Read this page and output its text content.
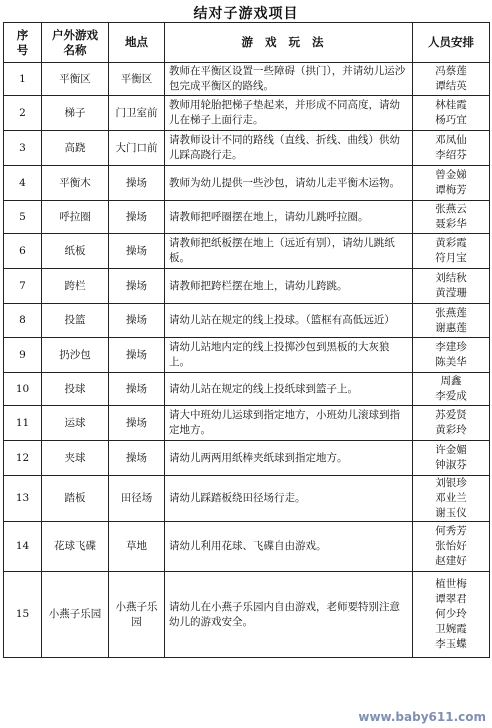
结对子游戏项目
序
号	户外游戏
名称	地点	游戏玩法	人员安排
1	平衡区	平衡区	教师在平衡区设置一些障碍（拱门），并请幼儿运沙包完成平衡区的路线。	冯蔡莲
谭结英

2	梯子	门卫室前	教师用轮胎把梯子垫起来，并形成不同高度，请幼儿在梯子上面行走。	林桂霞
杨巧宜

3	高跷	大门口前	请教师设计不同的路线（直线、折线、曲线）供幼儿踩高跷行走。	邓凤仙
李绍芬

4	平衡木	操场	教师为幼儿提供一些沙包，请幼儿走平衡木运物。	曾金娣
谭梅芳

5	呼拉圈	操场	请教师把呼圈摆在地上，请幼儿跳呼拉圈。	张燕云
聂彩华

6	纸板	操场	请教师把纸板摆在地上（远近有别），请幼儿跳纸板。	黄彩霞
符月宝

7	跨栏	操场	请教师把跨栏摆在地上，请幼儿跨跳。	刘结秋
黄滢珊

8	投篮	操场	请幼儿站在规定的线上投球。（篮框有高低远近）	张燕莲
谢惠莲

9	扔沙包	操场	请幼儿站地内定的线上投掷沙包到黑板的大灰狼上。	李建珍
陈美华

10	投球	操场	请幼儿站在规定的线上投纸球到篮子上。	周鑫
李爱成

11	运球	操场	请大中班幼儿运球到指定地方，小班幼儿滚球到指定地方。	苏爱贤
黄彩玲

12	夹球	操场	请幼儿两两用纸棒夹纸球到指定地方。	许金媚
钟淑芬

13	踏板	田径场	请幼儿踩踏板绕田径场行走。	刘银珍
邓业兰
谢玉仪

14	花球飞碟	草地	请幼儿利用花球、飞碟自由游戏。	何秀芳
张怡好
赵建好

15	小燕子乐园	小燕子乐园	请幼儿在小燕子乐园内自由游戏，老师要特别注意幼儿的游戏安全。	植世梅
谭翠君
何少玲
卫婉霞
李玉蝶
www.baby611.com
